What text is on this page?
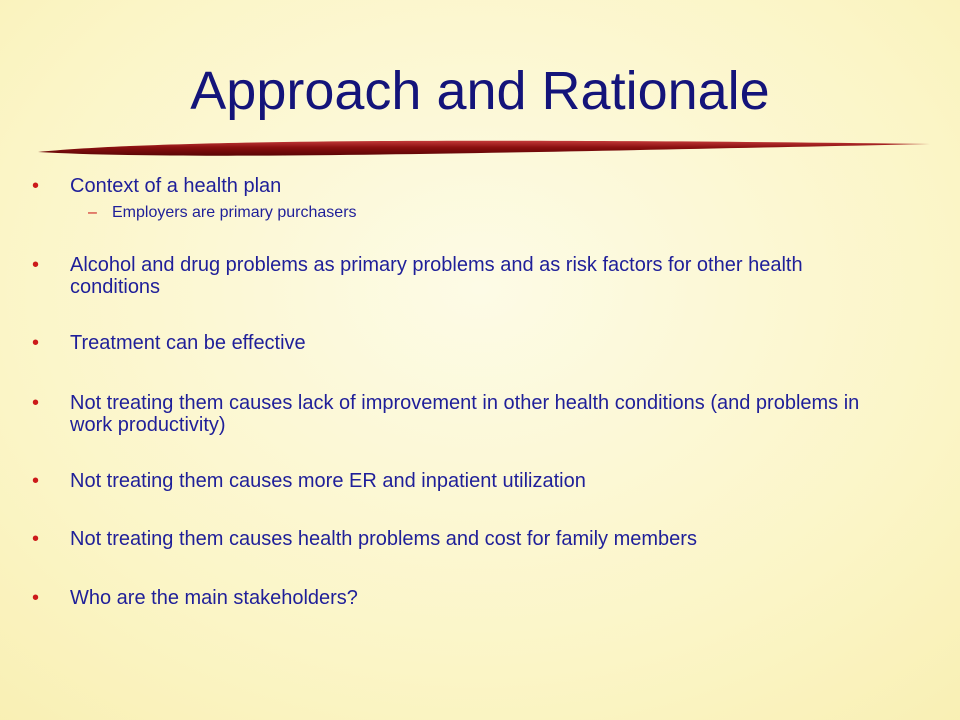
Approach and Rationale
• Context of a health plan
– Employers are primary purchasers
• Alcohol and drug problems as primary problems and as risk factors for other health conditions
• Treatment can be effective
• Not treating them causes lack of improvement in other health conditions (and problems in work productivity)
• Not treating them causes more ER and inpatient utilization
• Not treating them causes health problems and cost for family members
• Who are the main stakeholders?
